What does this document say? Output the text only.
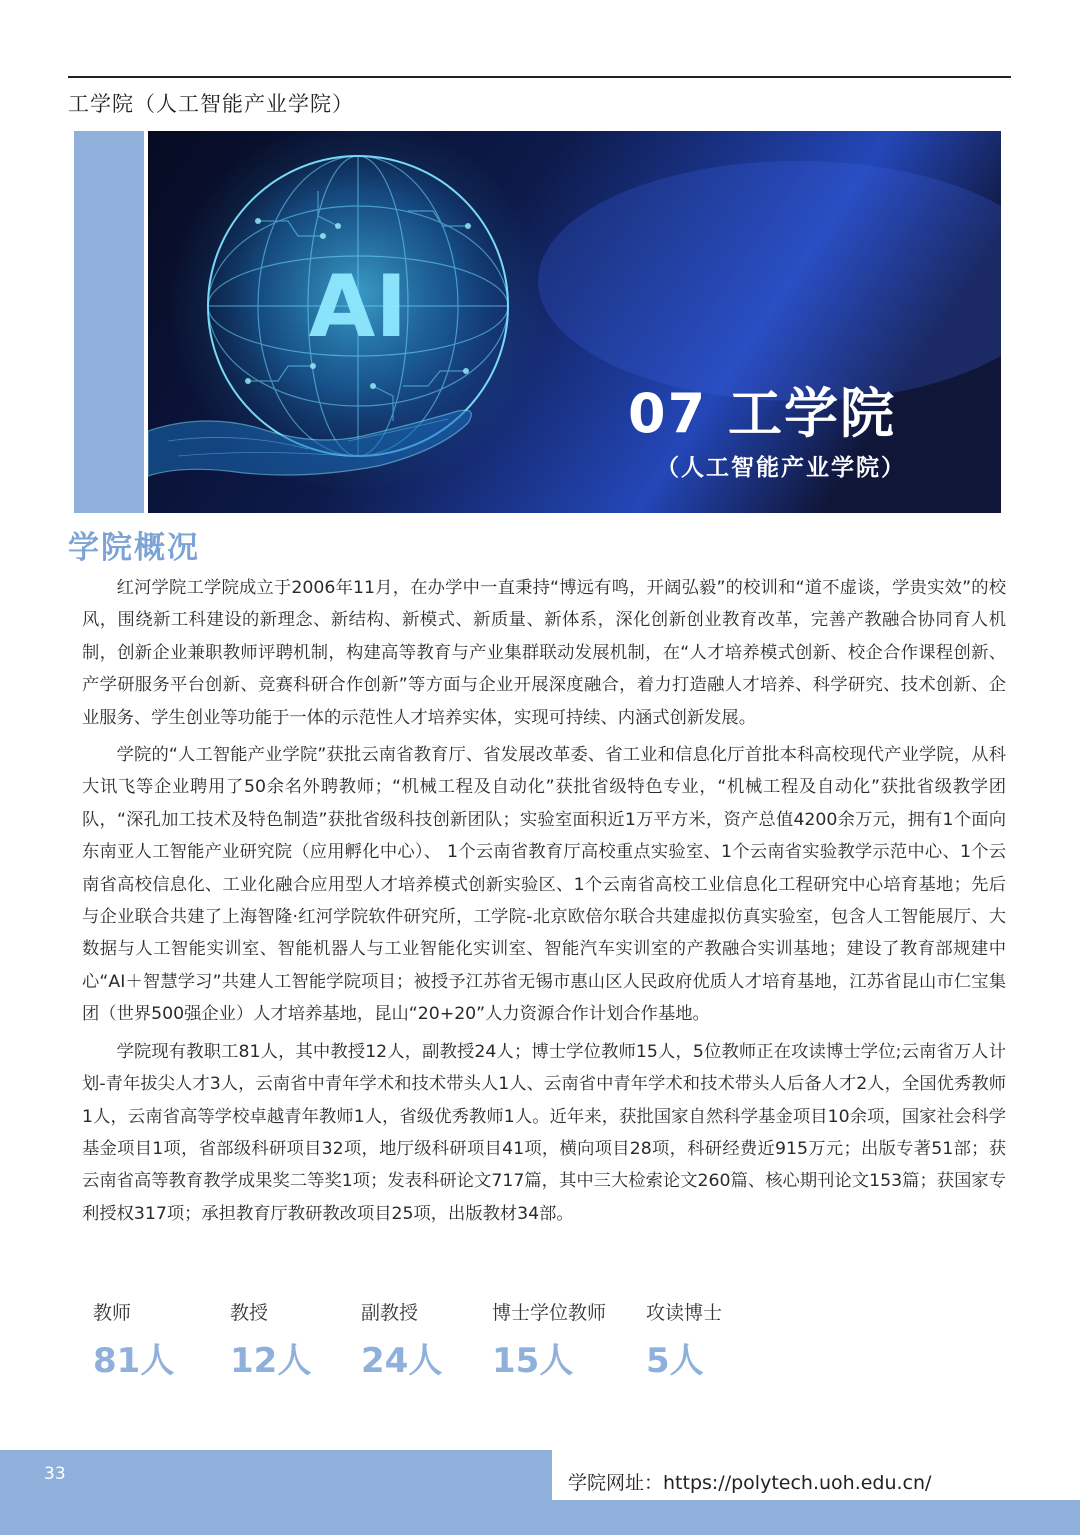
工学院（人工智能产业学院）
AI
07 工学院
（人工智能产业学院）
学院概况

红河学院工学院成立于2006年11月，在办学中一直秉持“博远有鸣，开阔弘毅”的校训和“道不虚谈，学贵实效”的校风，围绕新工科建设的新理念、新结构、新模式、新质量、新体系，深化创新创业教育改革，完善产教融合协同育人机制，创新企业兼职教师评聘机制，构建高等教育与产业集群联动发展机制，在“人才培养模式创新、校企合作课程创新、产学研服务平台创新、竞赛科研合作创新”等方面与企业开展深度融合，着力打造融人才培养、科学研究、技术创新、企业服务、学生创业等功能于一体的示范性人才培养实体，实现可持续、内涵式创新发展。

学院的“人工智能产业学院”获批云南省教育厅、省发展改革委、省工业和信息化厅首批本科高校现代产业学院，从科大讯飞等企业聘用了50余名外聘教师；“机械工程及自动化”获批省级特色专业，“机械工程及自动化”获批省级教学团队，“深孔加工技术及特色制造”获批省级科技创新团队；实验室面积近1万平方米，资产总值4200余万元，拥有1个面向东南亚人工智能产业研究院（应用孵化中心）、 1个云南省教育厅高校重点实验室、1个云南省实验教学示范中心、1个云南省高校信息化、工业化融合应用型人才培养模式创新实验区、1个云南省高校工业信息化工程研究中心培育基地；先后与企业联合共建了上海智隆·红河学院软件研究所，工学院-北京欧倍尔联合共建虚拟仿真实验室，包含人工智能展厅、大数据与人工智能实训室、智能机器人与工业智能化实训室、智能汽车实训室的产教融合实训基地；建设了教育部规建中心“AI＋智慧学习”共建人工智能学院项目；被授予江苏省无锡市惠山区人民政府优质人才培育基地，江苏省昆山市仁宝集团（世界500强企业）人才培养基地，昆山“20+20”人力资源合作计划合作基地。

学院现有教职工81人，其中教授12人，副教授24人；博士学位教师15人，5位教师正在攻读博士学位;云南省万人计划-青年拔尖人才3人，云南省中青年学术和技术带头人1人、云南省中青年学术和技术带头人后备人才2人，全国优秀教师1人，云南省高等学校卓越青年教师1人，省级优秀教师1人。近年来，获批国家自然科学基金项目10余项，国家社会科学基金项目1项，省部级科研项目32项，地厅级科研项目41项，横向项目28项，科研经费近915万元；出版专著51部；获云南省高等教育教学成果奖二等奖1项；发表科研论文717篇，其中三大检索论文260篇、核心期刊论文153篇；获国家专利授权317项；承担教育厅教研教改项目25项，出版教材34部。

教师
81人
教授
12人
副教授
24人
博士学位教师
15人
攻读博士
5人
33	学院网址：https://polytech.uoh.edu.cn/
